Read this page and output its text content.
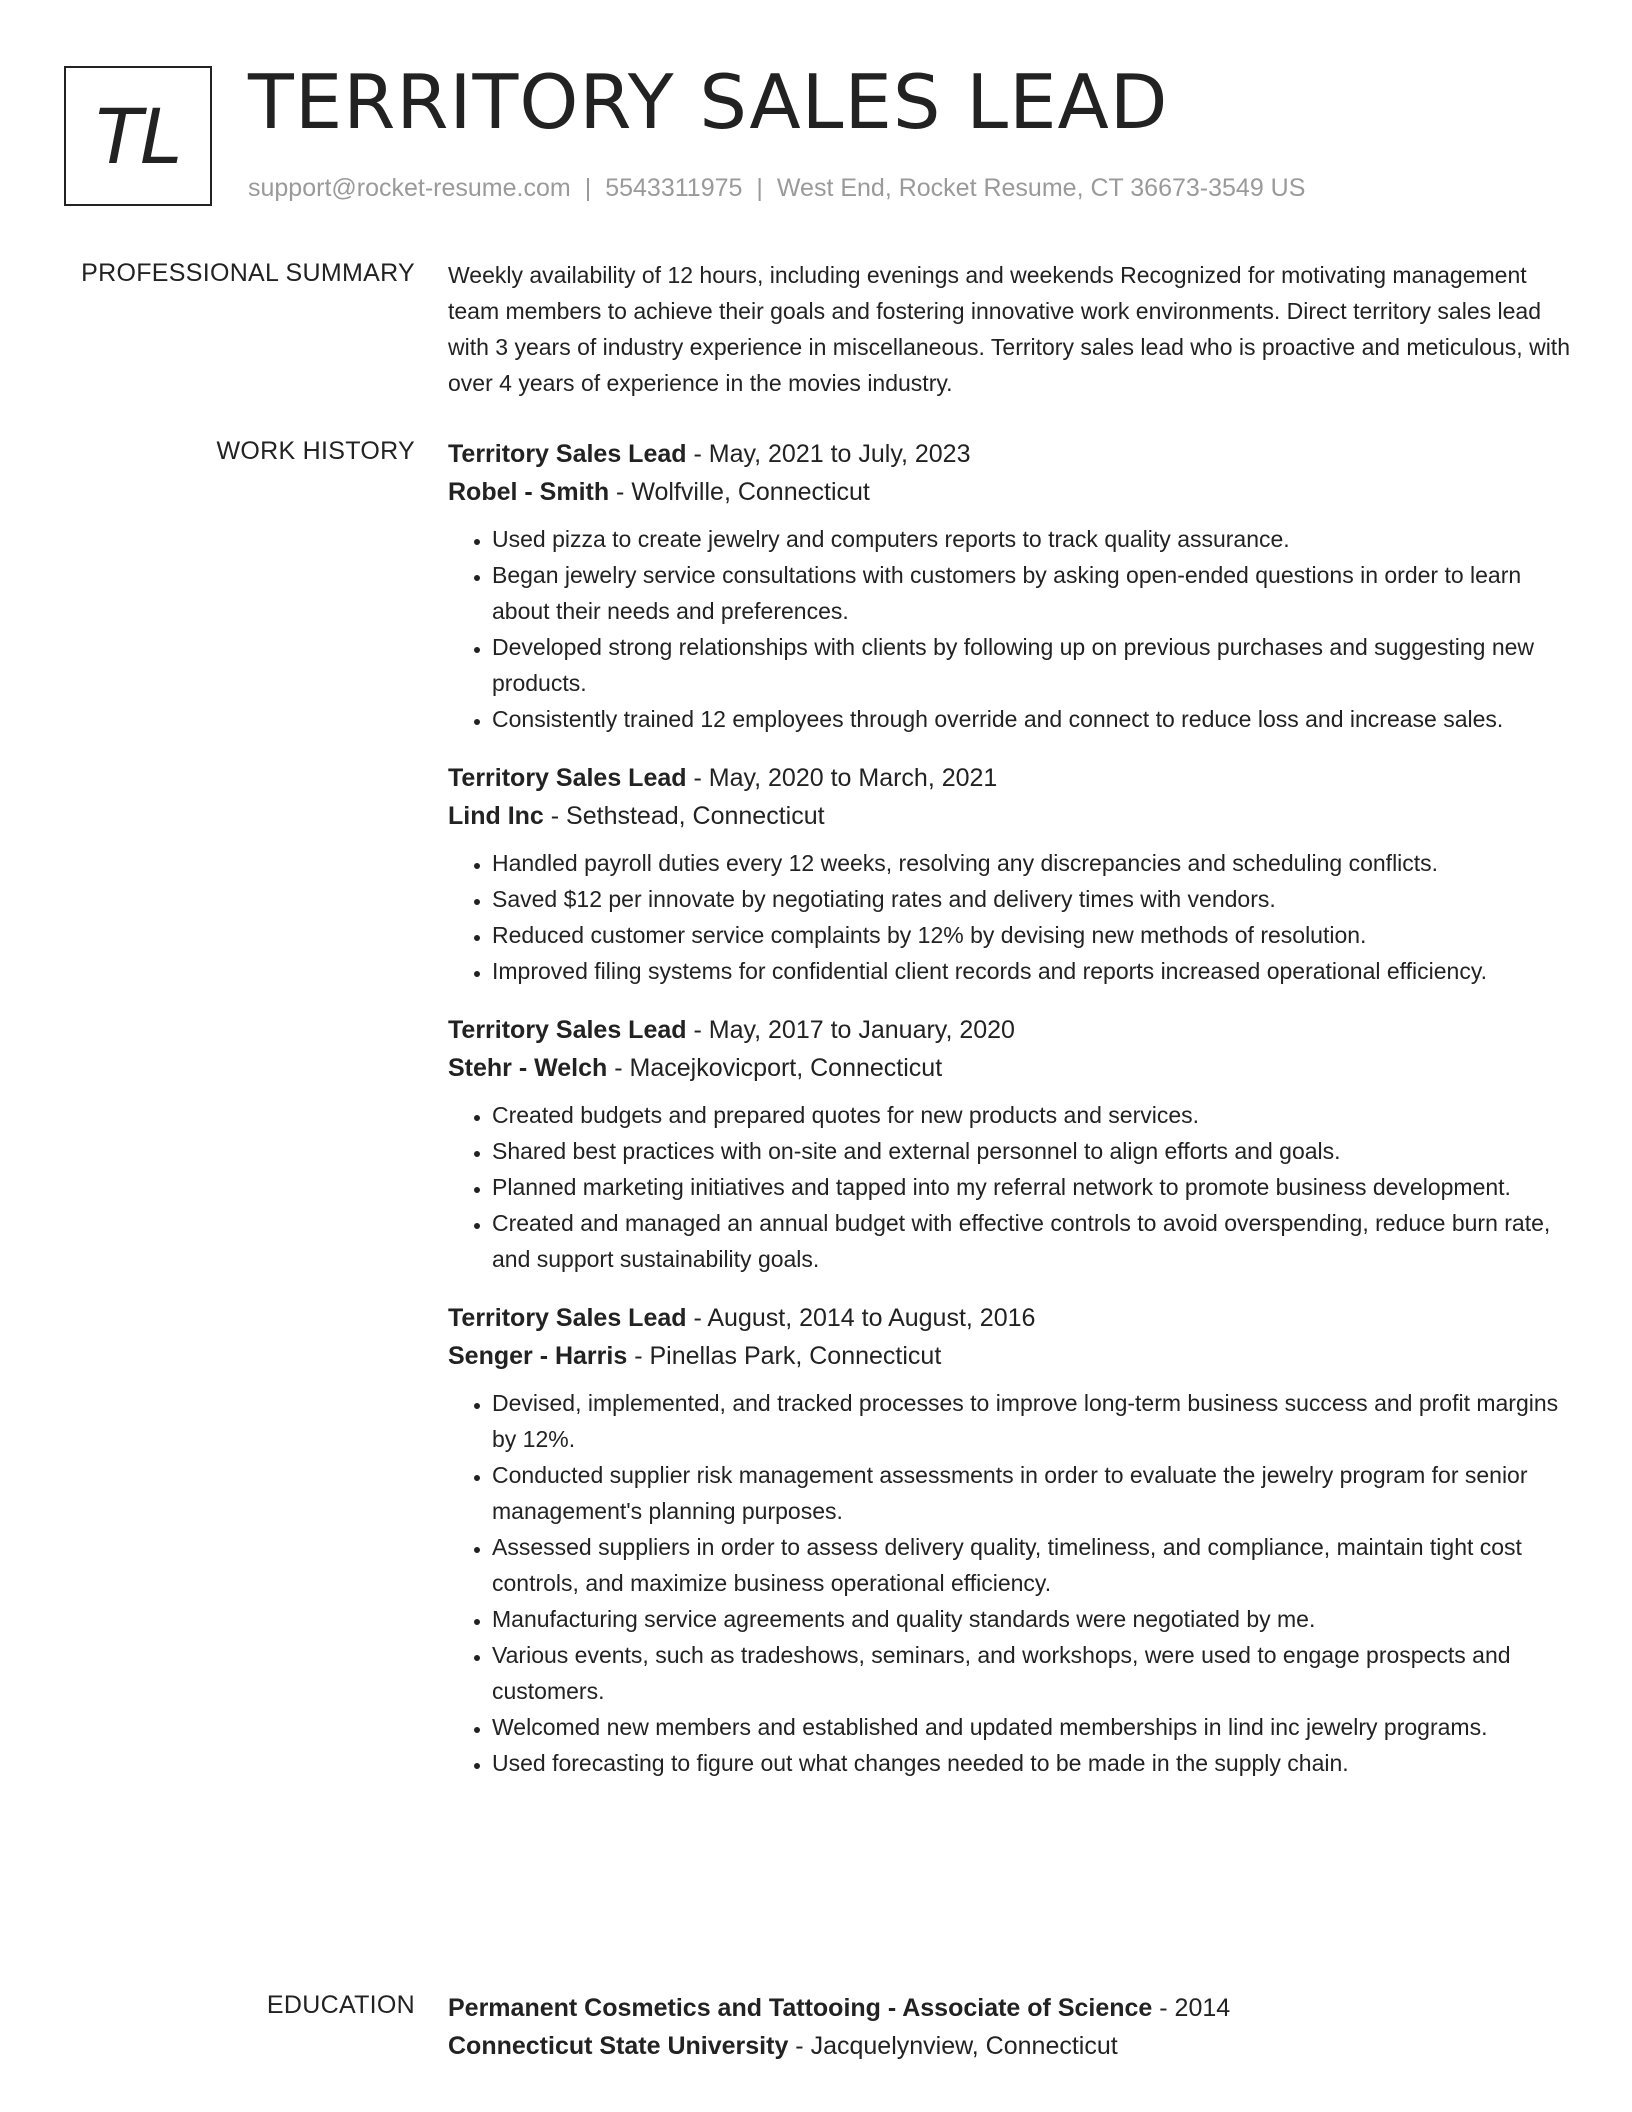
TL TERRITORY SALES LEAD
support@rocket-resume.com | 5543311975 | West End, Rocket Resume, CT 36673-3549 US
PROFESSIONAL SUMMARY Weekly availability of 12 hours, including evenings and weekends Recognized for motivating management team members to achieve their goals and fostering innovative work environments. Direct territory sales lead with 3 years of industry experience in miscellaneous. Territory sales lead who is proactive and meticulous, with over 4 years of experience in the movies industry.

WORK HISTORY Territory Sales Lead - May, 2021 to July, 2023
Robel - Smith - Wolfville, Connecticut
• Used pizza to create jewelry and computers reports to track quality assurance.
• Began jewelry service consultations with customers by asking open-ended questions in order to learn about their needs and preferences.
• Developed strong relationships with clients by following up on previous purchases and suggesting new products.
• Consistently trained 12 employees through override and connect to reduce loss and increase sales.
Territory Sales Lead - May, 2020 to March, 2021
Lind Inc - Sethstead, Connecticut
• Handled payroll duties every 12 weeks, resolving any discrepancies and scheduling conflicts.
• Saved $12 per innovate by negotiating rates and delivery times with vendors.
• Reduced customer service complaints by 12% by devising new methods of resolution.
• Improved filing systems for confidential client records and reports increased operational efficiency.
Territory Sales Lead - May, 2017 to January, 2020
Stehr - Welch - Macejkovicport, Connecticut
• Created budgets and prepared quotes for new products and services.
• Shared best practices with on-site and external personnel to align efforts and goals.
• Planned marketing initiatives and tapped into my referral network to promote business development.
• Created and managed an annual budget with effective controls to avoid overspending, reduce burn rate, and support sustainability goals.
Territory Sales Lead - August, 2014 to August, 2016
Senger - Harris - Pinellas Park, Connecticut
• Devised, implemented, and tracked processes to improve long-term business success and profit margins by 12%.
• Conducted supplier risk management assessments in order to evaluate the jewelry program for senior management's planning purposes.
• Assessed suppliers in order to assess delivery quality, timeliness, and compliance, maintain tight cost controls, and maximize business operational efficiency.
• Manufacturing service agreements and quality standards were negotiated by me.
• Various events, such as tradeshows, seminars, and workshops, were used to engage prospects and customers.
• Welcomed new members and established and updated memberships in lind inc jewelry programs.
• Used forecasting to figure out what changes needed to be made in the supply chain.
EDUCATION Permanent Cosmetics and Tattooing - Associate of Science - 2014
Connecticut State University - Jacquelynview, Connecticut
